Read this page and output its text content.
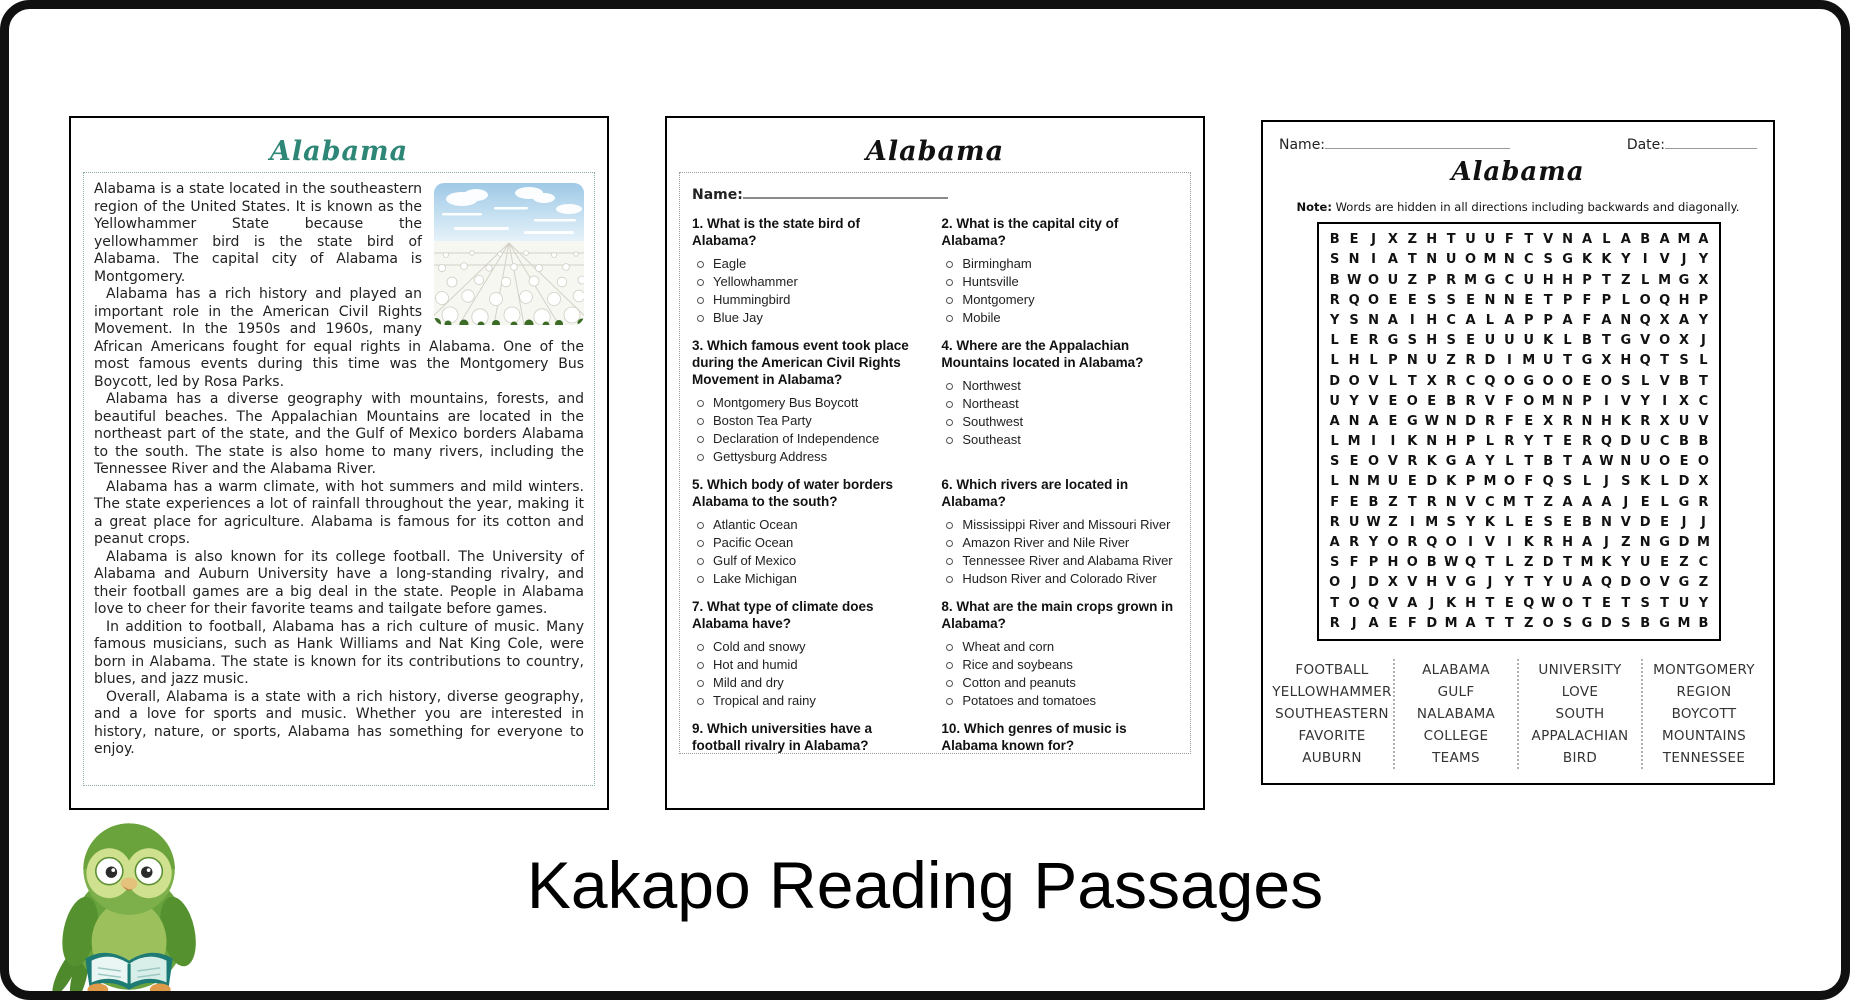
Alabama

Alabama is a state located in the southeastern region of the United States. It is known as the Yellowhammer State because the yellowhammer bird is the state bird of Alabama. The capital city of Alabama is Montgomery.

Alabama has a rich history and played an important role in the American Civil Rights Movement. In the 1950s and 1960s, many African Americans fought for equal rights in Alabama. One of the most famous events during this time was the Montgomery Bus Boycott, led by Rosa Parks.

Alabama has a diverse geography with mountains, forests, and beautiful beaches. The Appalachian Mountains are located in the northeast part of the state, and the Gulf of Mexico borders Alabama to the south. The state is also home to many rivers, including the Tennessee River and the Alabama River.

Alabama has a warm climate, with hot summers and mild winters. The state experiences a lot of rainfall throughout the year, making it a great place for agriculture. Alabama is famous for its cotton and peanut crops.

Alabama is also known for its college football. The University of Alabama and Auburn University have a long-standing rivalry, and their football games are a big deal in the state. People in Alabama love to cheer for their favorite teams and tailgate before games.

In addition to football, Alabama has a rich culture of music. Many famous musicians, such as Hank Williams and Nat King Cole, were born in Alabama. The state is known for its contributions to country, blues, and jazz music.

Overall, Alabama is a state with a rich history, diverse geography, and a love for sports and music. Whether you are interested in history, nature, or sports, Alabama has something for everyone to enjoy.

Alabama
Name:
1. What is the state bird of Alabama?
Eagle
Yellowhammer
Hummingbird
Blue Jay
2. What is the capital city of Alabama?
Birmingham
Huntsville
Montgomery
Mobile
3. Which famous event took place during the American Civil Rights Movement in Alabama?
Montgomery Bus Boycott
Boston Tea Party
Declaration of Independence
Gettysburg Address
4. Where are the Appalachian Mountains located in Alabama?
Northwest
Northeast
Southwest
Southeast
5. Which body of water borders Alabama to the south?
Atlantic Ocean
Pacific Ocean
Gulf of Mexico
Lake Michigan
6. Which rivers are located in Alabama?
Mississippi River and Missouri River
Amazon River and Nile River
Tennessee River and Alabama River
Hudson River and Colorado River
7. What type of climate does Alabama have?
Cold and snowy
Hot and humid
Mild and dry
Tropical and rainy
8. What are the main crops grown in Alabama?
Wheat and corn
Rice and soybeans
Cotton and peanuts
Potatoes and tomatoes
9. Which universities have a football rivalry in Alabama?
10. Which genres of music is Alabama known for?
Name:	Date:
Alabama
Note: Words are hidden in all directions including backwards and diagonally.
B E J X Z H T U U F T V N A L A B A M A
S N I A T N U O M N C S G K K Y I V J Y
B W O U Z P R M G C U H H P T Z L M G X
R Q O E E S S E N N E T P F P L O Q H P
Y S N A I H C A L A P P A F A N Q X A Y
L E R G S H S E U U U K L B T G V O X J
L H L P N U Z R D I M U T G X H Q T S L
D O V L T X R C Q O G O O E O S L V B T
U Y V E O E B R V F O M N P I V Y I X C
A N A E G W N D R F E X R N H K R X U V
L M I	I K N H P L R Y T E R Q D U C B B
S E O V R K G A Y L T B T A W N U O E O
L N M U E D K P M O F Q S L J S K L D X
F E B Z T R N V C M T Z A A A J E L G R
R U W Z I M S Y K L E S E B N V D E J	J
A R Y O R Q O I V I K R H A J Z N G D M
S F P H O B W Q T L Z D T M K Y U E Z C
O J D X V H V G J Y T Y U A Q D O V G Z
T O Q V A J K H T E Q W O T E T S T U Y
R J A E F D M A T T Z O S G D S B G M B
FOOTBALL
YELLOWHAMMER
SOUTHEASTERN
FAVORITE
AUBURN
ALABAMA
GULF
NALABAMA
COLLEGE
TEAMS
UNIVERSITY
LOVE
SOUTH
APPALACHIAN
BIRD
MONTGOMERY
REGION
BOYCOTT
MOUNTAINS
TENNESSEE
Kakapo Reading Passages
